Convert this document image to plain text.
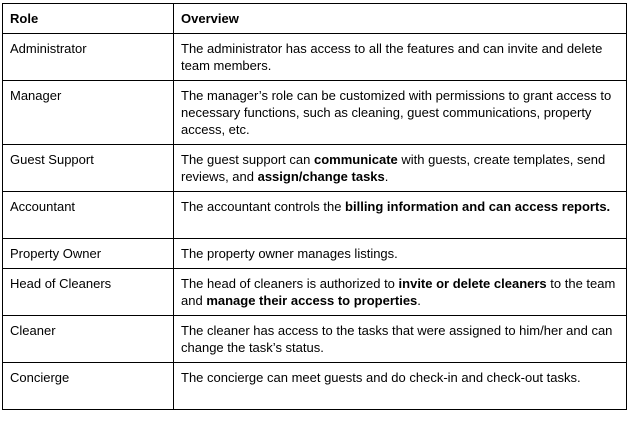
Role	Overview
Administrator	The administrator has access to all the features and can invite and delete team members.
Manager	The manager’s role can be customized with permissions to grant access to necessary functions, such as cleaning, guest communications, property access, etc.
Guest Support	The guest support can communicate with guests, create templates, send reviews, and assign/change tasks.
Accountant	The accountant controls the billing information and can access reports.
Property Owner	The property owner manages listings.
Head of Cleaners	The head of cleaners is authorized to invite or delete cleaners to the team and manage their access to properties.
Cleaner	The cleaner has access to the tasks that were assigned to him/her and can change the task’s status.
Concierge	The concierge can meet guests and do check-in and check-out tasks.
